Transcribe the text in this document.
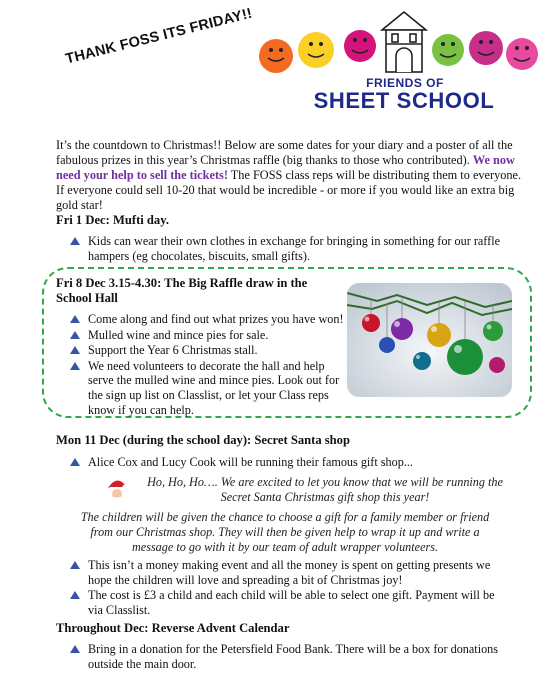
THANK FOSS ITS FRIDAY!!
FRIENDS OF
SHEET SCHOOL
It’s the countdown to Christmas!! Below are some dates for your diary and a poster of all the fabulous prizes in this year’s Christmas raffle (big thanks to those who contributed). We now need your help to sell the tickets! The FOSS class reps will be distributing them to everyone. If everyone could sell 10-20 that would be incredible - or more if you would like an extra big gold star!
Fri 1 Dec: Mufti day.
Kids can wear their own clothes in exchange for bringing in something for our raffle hampers (eg chocolates, biscuits, small gifts).
Fri 8 Dec 3.15-4.30: The Big Raffle draw in the
School Hall
Come along and find out what prizes you have won!
Mulled wine and mince pies for sale.
Support the Year 6 Christmas stall.
We need volunteers to decorate the hall and help serve the mulled wine and mince pies. Look out for the sign up list on Classlist, or let your Class reps know if you can help.
Mon 11 Dec (during the school day): Secret Santa shop
Alice Cox and Lucy Cook will be running their famous gift shop...
Ho, Ho, Ho…. We are excited to let you know that we will be running the Secret Santa Christmas gift shop this year!
The children will be given the chance to choose a gift for a family member or friend from our Christmas shop. They will then be given help to wrap it up and write a message to go with it by our team of adult wrapper volunteers.
This isn’t a money making event and all the money is spent on getting presents we hope the children will love and spreading a bit of Christmas joy!
The cost is £3 a child and each child will be able to select one gift. Payment will be via Classlist.
Throughout Dec: Reverse Advent Calendar
Bring in a donation for the Petersfield Food Bank. There will be a box for donations outside the main door.
